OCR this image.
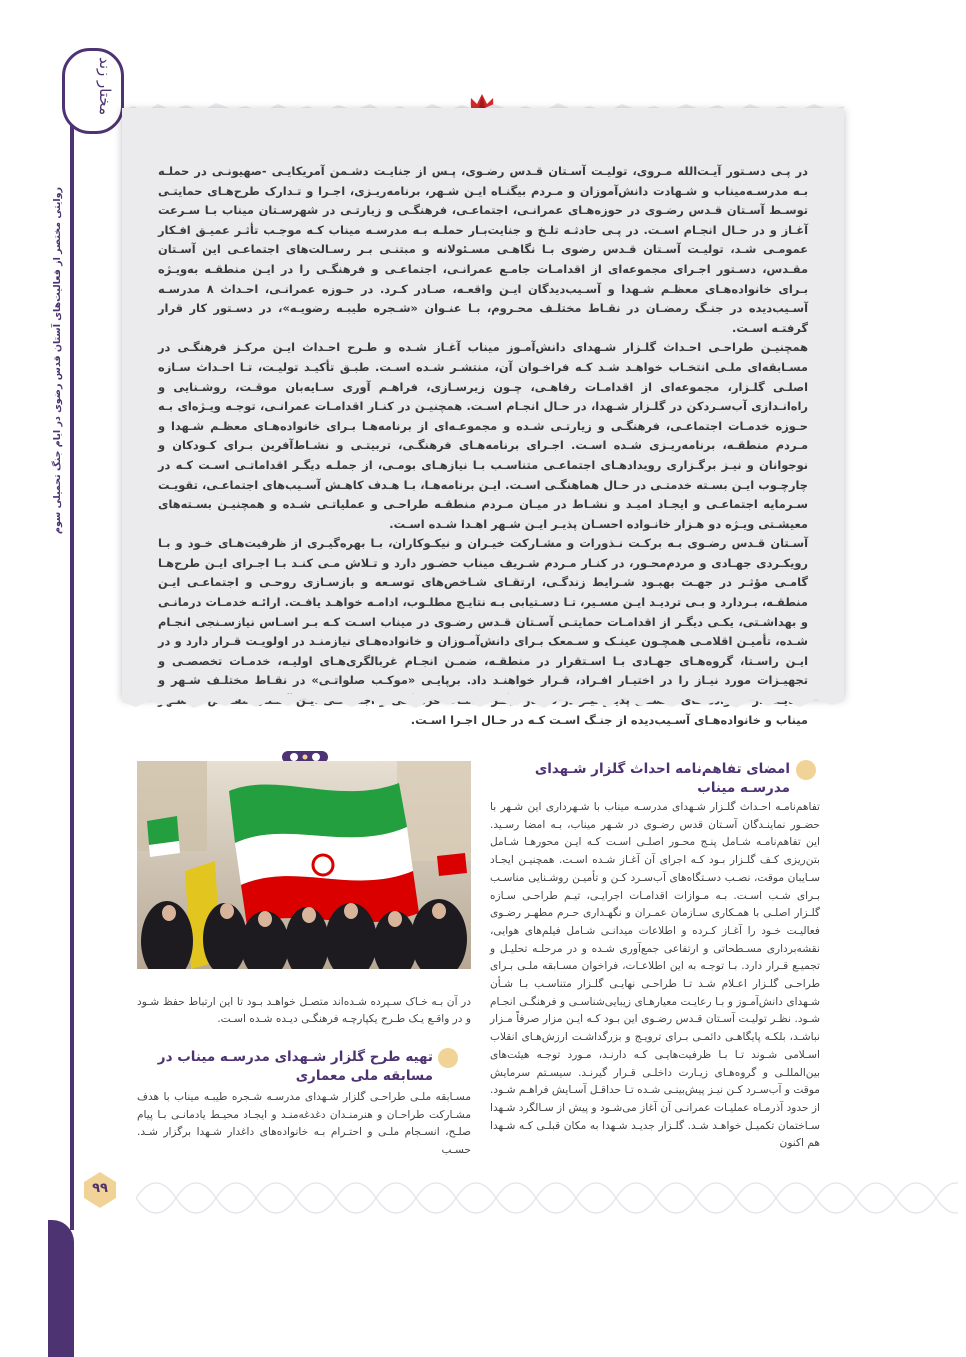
مختار زند
روایتی مختصر از فعالیت‌های آستان قدس رضوی در ایام جنگ تحمیلی سوم

در پـی دسـتور آیـت‌الله مـروی، تولیـت آسـتان قـدس رضـوی، پـس از جنایـت دشـمن آمریکایـی -صهیونـی در حملـه بـه مدرسـه‌میناب و شـهادت دانش‌آموزان و مـردم بیگنـاه ایـن شـهر، برنامه‌ریـزی، اجـرا و تـدارک طرح‌هـای حمایتـی توسـط آسـتان قـدس رضـوی در حوزه‌هـای عمرانـی، اجتماعـی، فرهنگـی و زیارتـی در شهرسـتان میناب بـا سـرعت آغـاز و در حـال انجـام اسـت. در پـی حادثـه تلـخ و جنایت‌بـار حملـه بـه مدرسـه میناب کـه موجـب تأثـر عمیـق افـکار عمومـی شـد، تولیـت آسـتان قـدس رضوی بـا نگاهـی مسـئولانه و مبتنـی بـر رسـالت‌های اجتماعـی این آسـتان مقـدس، دسـتور اجـرای مجموعه‌ای از اقدامـات جامـع عمرانـی، اجتماعـی و فرهنگـی را در ایـن منطقـه به‌ویـژه بـرای خانواده‌هـای معظـم شـهدا و آسـیب‌دیدگان ایـن واقعـه، صـادر کـرد. در حـوزه عمرانـی، احـداث ۸ مدرسـه آسـیب‌دیده در جنـگ رمضـان در نقـاط مختلـف محـروم، بـا عنـوان «شـجره طیبـه رضویـه»، در دسـتور کار قرار گرفتـه اسـت.

همچنیـن طراحـی احـداث گلـزار شـهدای دانش‌آمـوز میناب آغـاز شـده و طـرح احـداث ایـن مرکـز فرهنگـی در مسـابقه‌ای ملـی انتخـاب خواهـد شـد کـه فراخـوان آن، منتشـر شـده اسـت. طبـق تأکیـد تولیـت، تـا احـداث سـازه اصلـی گلـزار، مجموعه‌ای از اقدامـات رفاهـی، چـون زیرسـازی، فراهـم آوری سـایه‌بان موقـت، روشـنایی و راه‌انـدازی آب‌سـردکن در گلـزار شـهدا، در حـال انجـام اسـت. همچنیـن در کنـار اقدامـات عمرانـی، توجـه ویـژه‌ای بـه حـوزه خدمـات اجتماعـی، فرهنگـی و زیارتـی شـده و مجموعـه‌ای از برنامه‌هـا بـرای خانواده‌هـای معظـم شـهدا و مـردم منطقـه، برنامه‌ریـزی شـده اسـت. اجـرای برنامه‌هـای فرهنگـی، تربیتـی و نشـاط‌آفرین بـرای کـودکان و نوجوانان و نیـز برگـزاری رویدادهـای اجتماعـی متناسـب بـا نیازهـای بومـی، از جملـه دیگـر اقداماتـی اسـت کـه در چارچـوب ایـن بسـته خدمتـی در حـال هماهنگـی اسـت. ایـن برنامه‌هـا، بـا هـدف کاهـش آسـیب‌های اجتماعـی، تقویـت سـرمایه اجتماعـی و ایجـاد امیـد و نشـاط در میـان مـردم منطقـه طراحـی و عملیاتـی شـده و همچنیـن بسـته‌های معیشـتی ویـژه دو هـزار خانـواده احسـان پذیـر ایـن شـهر اهـدا شـده اسـت.

آسـتان قـدس رضـوی بـه برکـت نـذورات و مشـارکت خیـران و نیکـوکاران، بـا بهره‌گیـری از ظرفیت‌هـای خـود و بـا رویکـردی جهـادی و مردم‌محـور، در کنـار مـردم شـریف میناب حضـور دارد و تـلاش مـی کنـد بـا اجـرای ایـن طرح‌هـا گامـی مؤثـر در جهـت بهبـود شـرایط زندگـی، ارتقـای شـاخص‌های توسـعه و بازسـازی روحـی و اجتماعـی ایـن منطقـه، بـردارد و بـی تردیـد ایـن مسـیر، تـا دسـتیابی بـه نتایـج مطلـوب، ادامـه خواهـد یافـت. ارائـه خدمـات درمانـی و بهداشـتی، یکـی دیگـر از اقدامـات حمایتـی آسـتان قـدس رضـوی در میناب اسـت کـه بـر اسـاس نیازسـنجی انجـام شـده، تأمیـن اقلامـی همچـون عینـک و سـمعک بـرای دانش‌آمـوزان و خانواده‌هـای نیازمنـد در اولویـت قـرار دارد و در ایـن راسـتا، گروه‌هـای جهـادی بـا اسـتقرار در منطقـه، ضمـن انجـام غربالگری‌هـای اولیـه، خدمـات تخصصـی و تجهیـزات مورد نیـاز را در اختیـار افـراد، قـرار خواهنـد داد. برپایـی «موکـب صلواتـی» در نقـاط مختلـف شـهر و ایـن میناب و خانواده‌هـای آسـیب‌دیده از جنـگ اسـت کـه در حـال اجـرا اسـت.

در آن بـه خـاک سـپرده شـده‌اند متصـل خواهـد بـود تا این ارتباط حفظ شـود و در واقـع یـک طـرح یکپارچـه فرهنگـی دیـده شـده اسـت.
امضای تفاهم‌نامه احداث گلزار شـهدای مدرسـه میناب

تفاهم‌نامـه احـداث گلـزار شـهدای مدرسـه میناب با شـهرداری این شـهر با حضـور نماینـدگان آسـتان قدس رضـوی در شـهر میناب، بـه امضا رسـید. این تفاهم‌نامـه شـامل پنـج محـور اصلـی اسـت کـه ایـن محورهـا شـامل بتن‌ریزی کـف گلـزار بـود کـه اجرای آن آغـاز شـده اسـت. همچنیـن ایجـاد سـایبان موقت، نصـب دسـتگاه‌های آب‌سـرد کـن و تأمیـن روشـنایی مناسـب بـرای شـب اسـت. بـه مـوازات اقدامـات اجرایـی، تیـم طراحـی سـازه گلـزار اصلـی با همـکاری سـازمان عمـران و نگهـداری حـرم مطهـر رضـوی فعالیـت خـود را آغـاز کـرده و اطلاعات میدانـی شـامل فیلم‌های هوایی، نقشه‌برداری مسـطحاتی و ارتفاعی جمع‌آوری شـده و در مرحلـه تحلیـل و تجمیـع قـرار دارد. بـا توجـه به این اطلاعـات، فراخوان مسـابقه ملـی بـرای طراحـی گلـزار اعـلام شـد تـا طراحـی نهایـی گلـزار متناسـب بـا شـأن شـهدای دانش‌آمـوز و بـا رعایـت معیارهـای زیبایی‌شناسـی و فرهنگـی انجـام شـود. نظـر تولیـت آسـتان قـدس رضـوی این بـود کـه ایـن مزار صرفاً مـزار نباشـد، بلکـه پایگاهـی دائمـی بـرای ترویـج و بزرگداشـت ارزش‌هـای انقلاب اسـلامی شـوند تـا بـا ظرفیت‌هایـی کـه دارنـد، مـورد توجـه هیئت‌های بین‌المللـی و گروه‌هـای زیـارت داخلـی قـرار گیرنـد. سیسـتم سرمایش موقت و آب‌سـرد کـن نیـز پیش‌بینـی شـده تـا حداقـل آسـایش فراهـم شـود. از حدود آذرمـاه عملیـات عمرانـی آن آغاز می‌شـود و پیش از سـالگرد شـهدا سـاختمان تکمیـل خواهـد شـد. گلـزار جدیـد شـهدا به مکان قبلـی کـه شـهدا هم اکنون

تهیه طرح گلزار شـهدای مدرسـه میناب در مسابقه ملی معماری

مسـابقه ملـی طراحـی گلزار شـهدای مدرسـه شـجره طیبـه میناب با هدف مشـارکت طراحـان و هنرمنـدان دغدغه‌منـد و ایجـاد محیـط یادمانـی بـا پیام صلـح، انسـجام ملـی و احتـرام بـه خانواده‌های داغدار شـهدا برگزار شـد. حسـب

۹۹
